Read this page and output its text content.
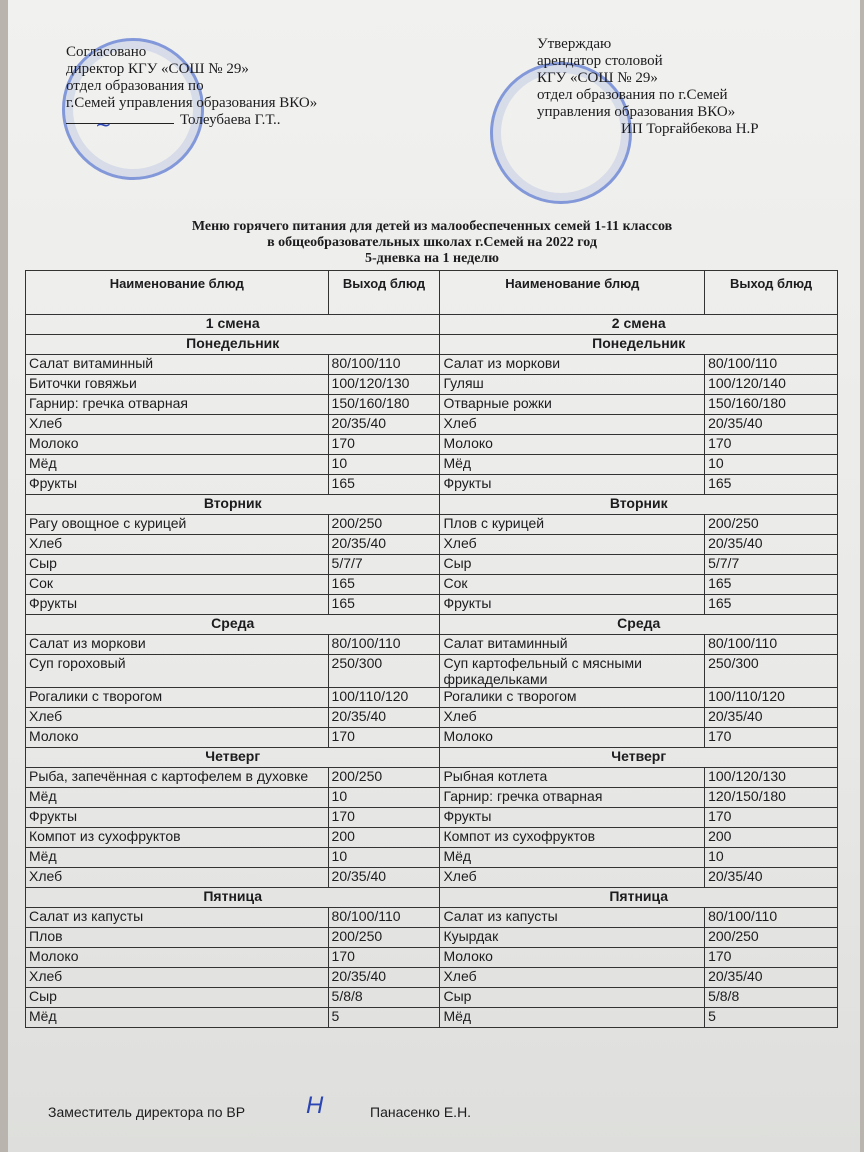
Согласовано
директор КГУ «СОШ № 29»
отдел образования по
г.Семей управления образования ВКО»
Толеубаева Г.Т..
~
Утверждаю
арендатор столовой
КГУ «СОШ № 29»
отдел образования по г.Семей
управления образования ВКО»
ИП Торғайбекова Н.Р
Меню горячего питания для детей из малообеспеченных семей 1-11 классов
в общеобразовательных школах г.Семей на 2022 год
5-дневка на 1 неделю
Наименование блюд	Выход блюд	Наименование блюд	Выход блюд
1 смена		2 смена	
Понедельник		Понедельник	
Салат витаминный	80/100/110	Салат из моркови	80/100/110
Биточки говяжьи	100/120/130	Гуляш	100/120/140
Гарнир: гречка отварная	150/160/180	Отварные рожки	150/160/180
Хлеб	20/35/40	Хлеб	20/35/40
Молоко	170	Молоко	170
Мёд	10	Мёд	10
Фрукты	165	Фрукты	165
Вторник		Вторник	
Рагу овощное с курицей	200/250	Плов с курицей	200/250
Хлеб	20/35/40	Хлеб	20/35/40
Сыр	5/7/7	Сыр	5/7/7
Сок	165	Сок	165
Фрукты	165	Фрукты	165
Среда		Среда	
Салат из моркови	80/100/110	Салат витаминный	80/100/110
Суп гороховый	250/300	Суп картофельный с мясными фрикадельками	250/300
Рогалики с творогом	100/110/120	Рогалики с творогом	100/110/120
Хлеб	20/35/40	Хлеб	20/35/40
Молоко	170	Молоко	170
Четверг		Четверг	
Рыба, запечённая с картофелем в духовке	200/250	Рыбная котлета	100/120/130
Мёд	10	Гарнир: гречка отварная	120/150/180
Фрукты	170	Фрукты	170
Компот из сухофруктов	200	Компот из сухофруктов	200
Мёд	10	Мёд	10
Хлеб	20/35/40	Хлеб	20/35/40
Пятница		Пятница	
Салат из капусты	80/100/110	Салат из капусты	80/100/110
Плов	200/250	Куырдак	200/250
Молоко	170	Молоко	170
Хлеб	20/35/40	Хлеб	20/35/40
Сыр	5/8/8	Сыр	5/8/8
Мёд	5	Мёд	5
Заместитель директора по ВР	Н	Панасенко Е.Н.
